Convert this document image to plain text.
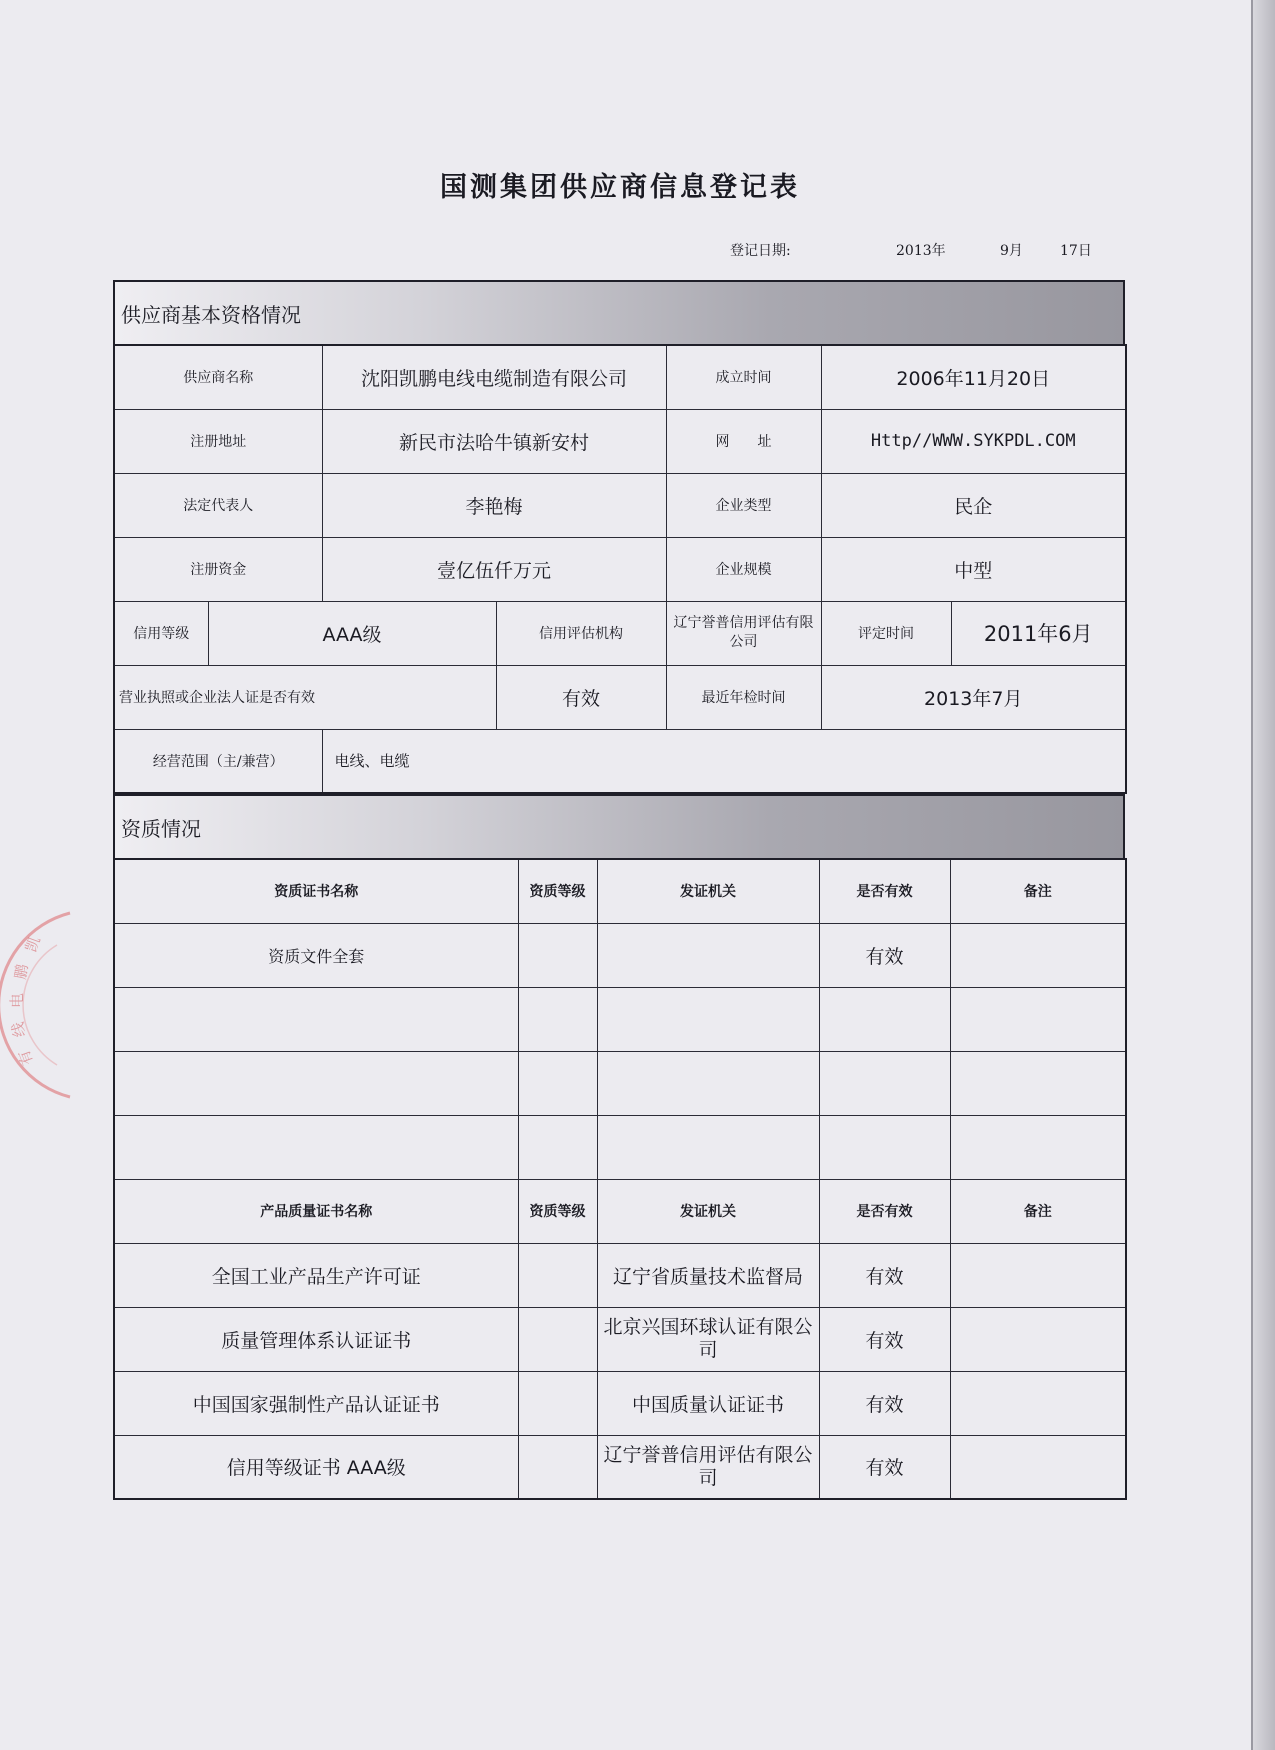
国测集团供应商信息登记表
登记日期:	2013年	9月	17日
凯
鹏
电
线
有
供应商基本资格情况
供应商名称		沈阳凯鹏电线电缆制造有限公司		成立时间	2006年11月20日	
注册地址		新民市法哈牛镇新安村		网　　址	Http//WWW.SYKPDL.COM	
法定代表人		李艳梅		企业类型	民企	
注册资金		壹亿伍仟万元		企业规模	中型	
信用等级	AAA级		信用评估机构	辽宁誉普信用评估有限公司	评定时间	2011年6月
营业执照或企业法人证是否有效			有效	最近年检时间	2013年7月	
经营范围（主/兼营）		电线、电缆				
资质情况
资质证书名称	资质等级	发证机关	是否有效	备注
资质文件全套			有效	

产品质量证书名称	资质等级	发证机关	是否有效	备注
全国工业产品生产许可证		辽宁省质量技术监督局	有效	
质量管理体系认证证书		北京兴国环球认证有限公司	有效	
中国国家强制性产品认证证书		中国质量认证证书	有效	
信用等级证书 AAA级		辽宁誉普信用评估有限公司	有效	
